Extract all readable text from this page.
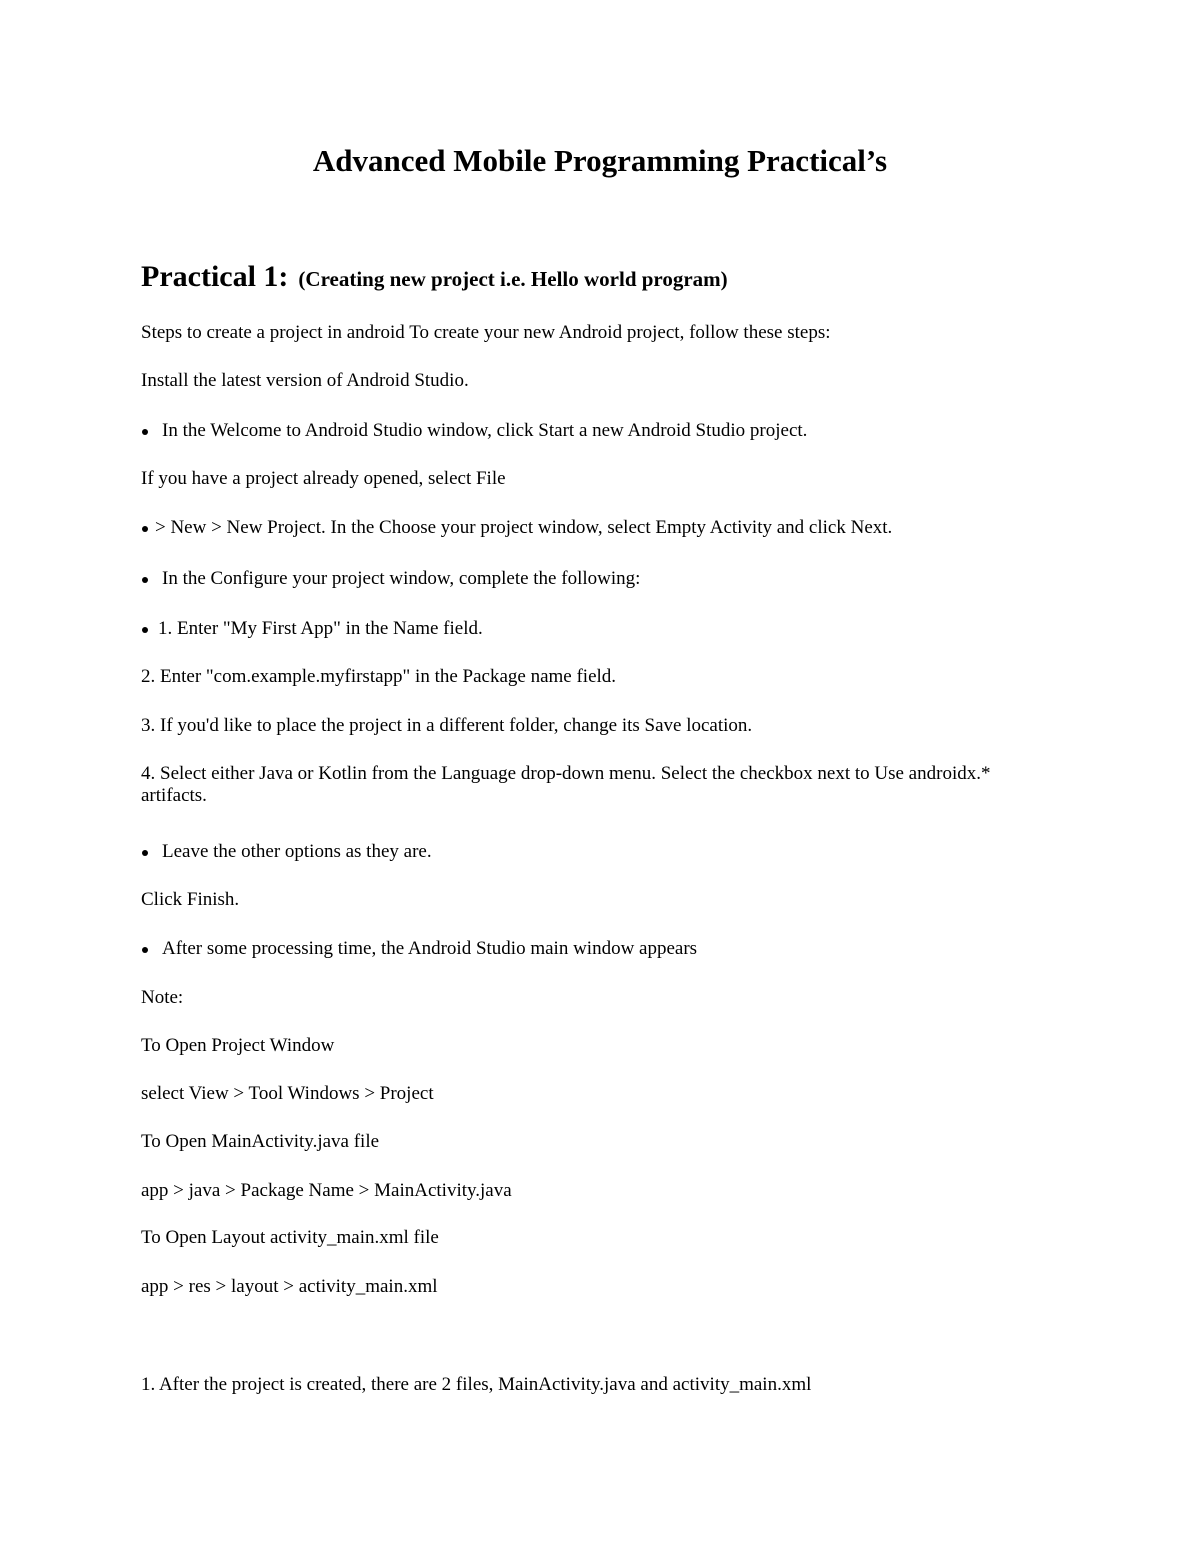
Advanced Mobile Programming Practical’s
Practical 1: (Creating new project i.e. Hello world program)
Steps to create a project in android To create your new Android project, follow these steps:
Install the latest version of Android Studio.
In the Welcome to Android Studio window, click Start a new Android Studio project.
If you have a project already opened, select File
> New > New Project. In the Choose your project window, select Empty Activity and click Next.
In the Configure your project window, complete the following:
1. Enter "My First App" in the Name field.
2. Enter "com.example.myfirstapp" in the Package name field.
3. If you'd like to place the project in a different folder, change its Save location.
4. Select either Java or Kotlin from the Language drop-down menu. Select the checkbox next to Use androidx.* artifacts.
Leave the other options as they are.
Click Finish.
After some processing time, the Android Studio main window appears
Note:
To Open Project Window
select View > Tool Windows > Project
To Open MainActivity.java file
app > java > Package Name > MainActivity.java
To Open Layout activity_main.xml file
app > res > layout > activity_main.xml
1. After the project is created, there are 2 files, MainActivity.java and activity_main.xml
